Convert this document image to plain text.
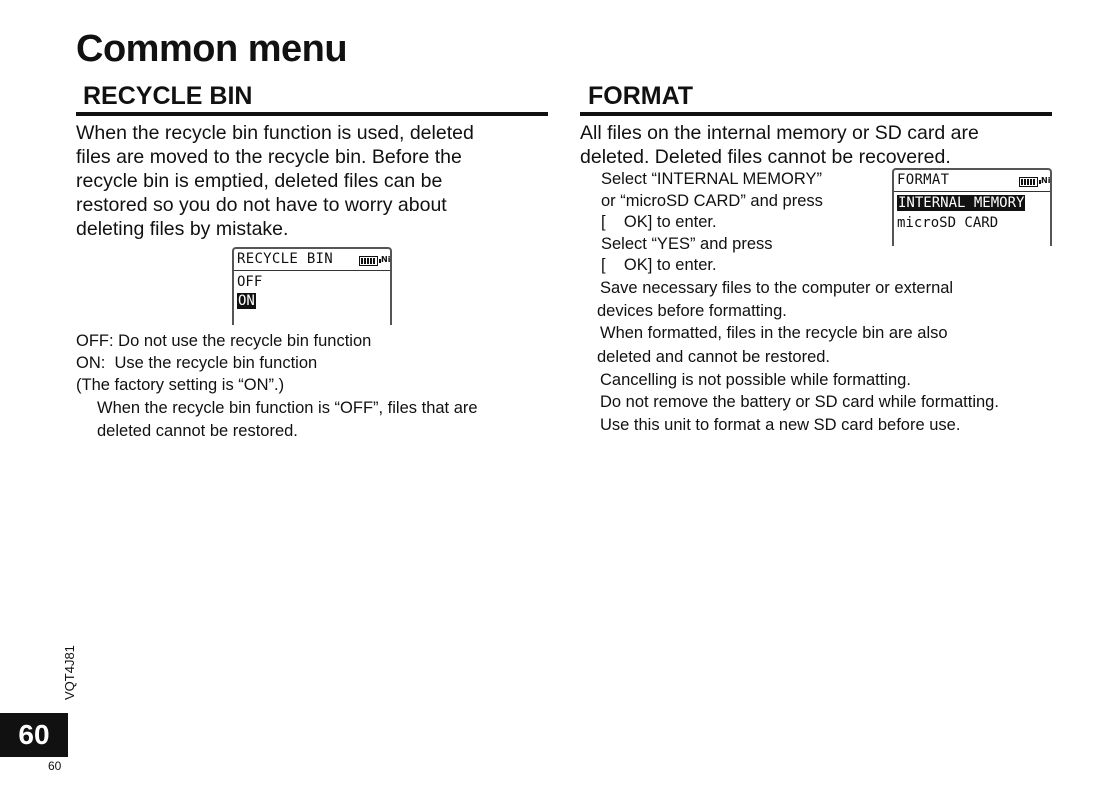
Common menu
RECYCLE BIN
When the recycle bin function is used, deleted
files are moved to the recycle bin. Before the
recycle bin is emptied, deleted files can be
restored so you do not have to worry about
deleting files by mistake.
RECYCLE BIN	Ni
OFF
ON
OFF: Do not use the recycle bin function
ON:  Use the recycle bin function
(The factory setting is “ON”.)
When the recycle bin function is “OFF”, files that are
deleted cannot be restored.
FORMAT
All files on the internal memory or SD card are
deleted. Deleted files cannot be recovered.
Select “INTERNAL MEMORY”
or “microSD CARD” and press
[    OK] to enter.
Select “YES” and press
[    OK] to enter.
FORMAT	Ni
INTERNAL MEMORY
microSD CARD
Save necessary files to the computer or external
devices before formatting.
When formatted, files in the recycle bin are also
deleted and cannot be restored.
Cancelling is not possible while formatting.
Do not remove the battery or SD card while formatting.
Use this unit to format a new SD card before use.
VQT4J81
60
60
